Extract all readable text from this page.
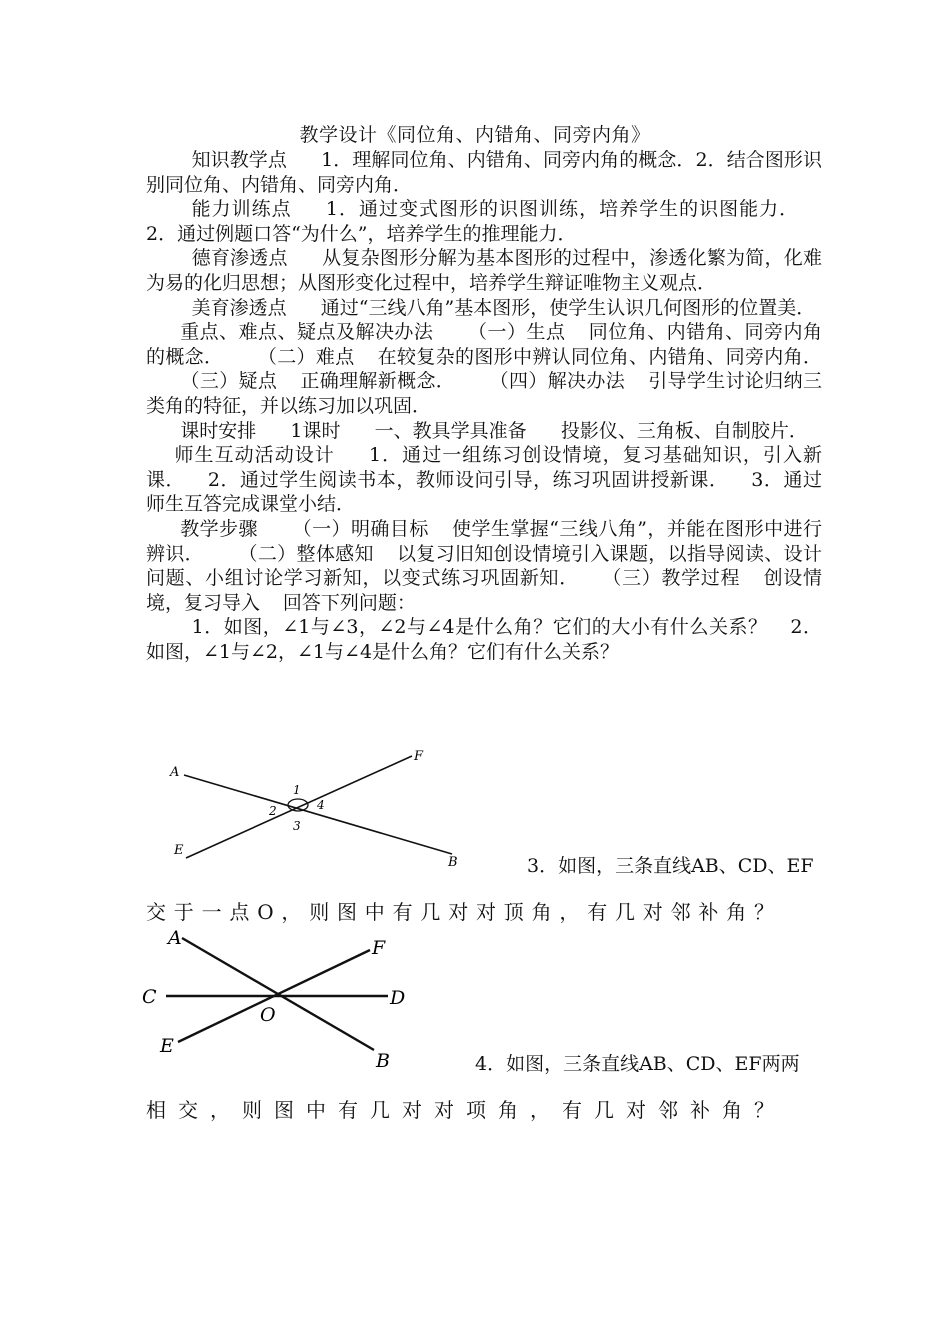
教学设计《同位角、内错角、同旁内角》

知识教学点 1．理解同位角、内错角、同旁内角的概念．2．结合图形识别同位角、内错角、同旁内角．

能力训练点 1．通过变式图形的识图训练，培养学生的识图能力．2．通过例题口答“为什么”，培养学生的推理能力．

德育渗透点 从复杂图形分解为基本图形的过程中，渗透化繁为简，化难为易的化归思想；从图形变化过程中，培养学生辩证唯物主义观点．

美育渗透点 通过“三线八角”基本图形，使学生认识几何图形的位置美．

重点、难点、疑点及解决办法 （一）生点 同位角、内错角、同旁内角的概念． （二）难点 在较复杂的图形中辨认同位角、内错角、同旁内角．（三）疑点 正确理解新概念． （四）解决办法 引导学生讨论归纳三类角的特征，并以练习加以巩固．

课时安排 1课时 一、教具学具准备 投影仪、三角板、自制胶片．

师生互动活动设计 1．通过一组练习创设情境，复习基础知识，引入新课． 2．通过学生阅读书本，教师设问引导，练习巩固讲授新课． 3．通过师生互答完成课堂小结．

教学步骤 （一）明确目标 使学生掌握“三线八角”，并能在图形中进行辨识． （二）整体感知 以复习旧知创设情境引入课题，以指导阅读、设计问题、小组讨论学习新知，以变式练习巩固新知． （三）教学过程 创设情境，复习导入 回答下列问题：

1．如图，∠1与∠3，∠2与∠4是什么角？它们的大小有什么关系？ 2．如图，∠1与∠2，∠1与∠4是什么角？它们有什么关系？

A
F
E
B
1
2
3
4
3．如图，三条直线AB、CD、EF
交于一点O，则图中有几对对顶角，有几对邻补角？
A	F
C	D
O
E
B	4．如图，三条直线AB、CD、EF两两
相交，则图中有几对对项角，有几对邻补角？
